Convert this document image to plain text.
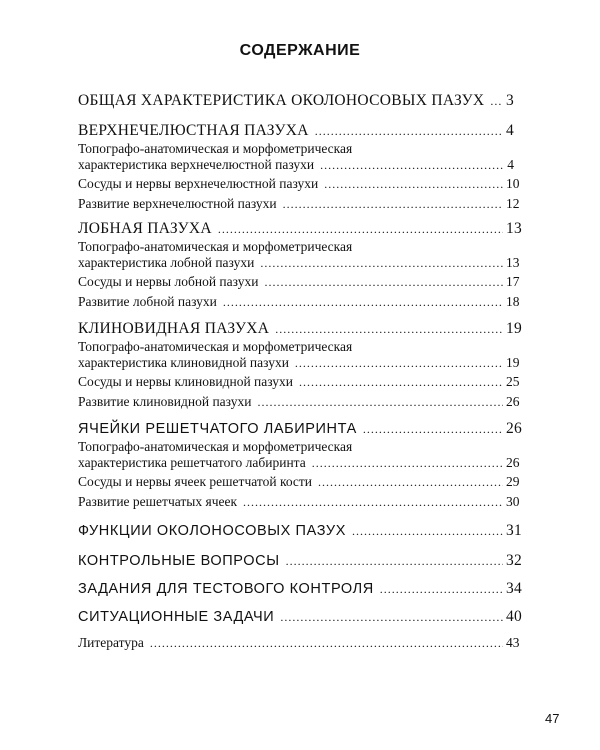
СОДЕРЖАНИЕ
ОБЩАЯ ХАРАКТЕРИСТИКА ОКОЛОНОСОВЫХ ПАЗУХ ..... 3
ВЕРХНЕЧЕЛЮСТНАЯ ПАЗУХА .....	4
Топографо-анатомическая и морфометрическая
характеристика верхнечелюстной пазухи .....	4
Сосуды и нервы верхнечелюстной пазухи .....	10
Развитие верхнечелюстной пазухи .....	12
ЛОБНАЯ ПАЗУХА .....	13
Топографо-анатомическая и морфометрическая
характеристика лобной пазухи .....	13
Сосуды и нервы лобной пазухи .....	17
Развитие лобной пазухи .....	18
КЛИНОВИДНАЯ ПАЗУХА .....	19
Топографо-анатомическая и морфометрическая
характеристика клиновидной пазухи .....	19
Сосуды и нервы клиновидной пазухи .....	25
Развитие клиновидной пазухи .....	26
ЯЧЕЙКИ РЕШЕТЧАТОГО ЛАБИРИНТА .....	26
Топографо-анатомическая и морфометрическая
характеристика решетчатого лабиринта .....	26
Сосуды и нервы ячеек решетчатой кости .....	29
Развитие решетчатых ячеек .....	30
ФУНКЦИИ ОКОЛОНОСОВЫХ ПАЗУХ .....	31
КОНТРОЛЬНЫЕ ВОПРОСЫ .....	32
ЗАДАНИЯ ДЛЯ ТЕСТОВОГО КОНТРОЛЯ .....	34
СИТУАЦИОННЫЕ ЗАДАЧИ .....	40
Литература .....	43
47
